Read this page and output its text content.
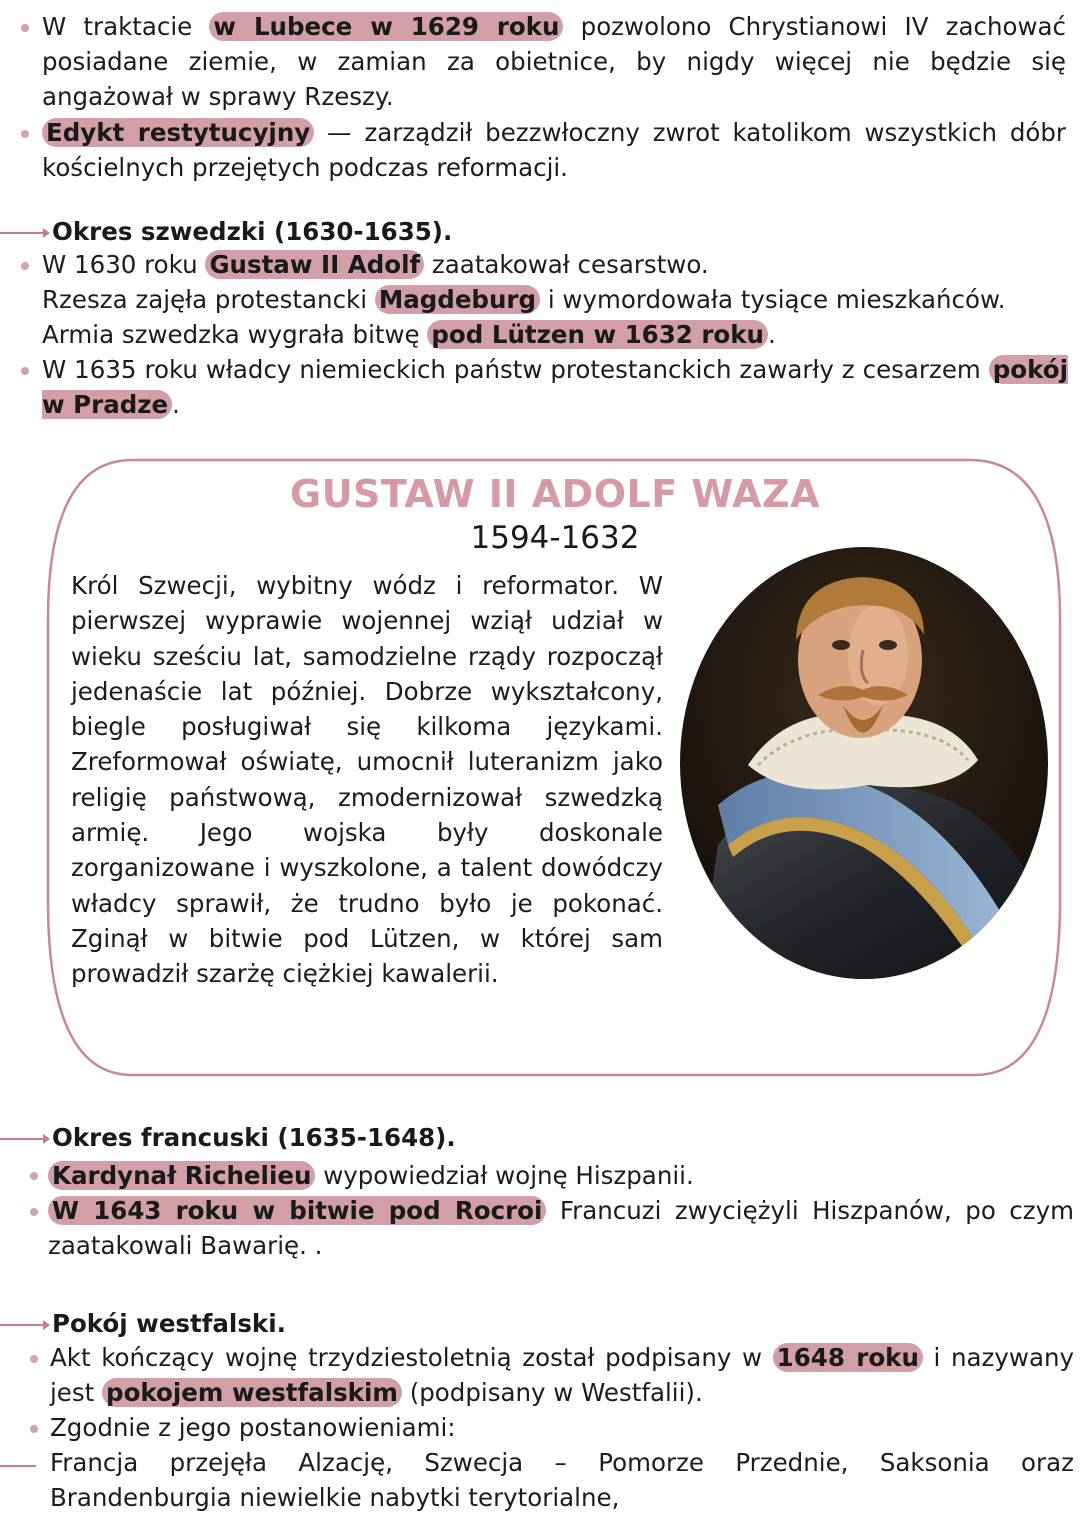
W traktacie w Lubece w 1629 roku pozwolono Chrystianowi IV zachować posiadane ziemie, w zamian za obietnice, by nigdy więcej nie będzie się angażował w sprawy Rzeszy.
Edykt restytucyjny — zarządził bezzwłoczny zwrot katolikom wszystkich dóbr kościelnych przejętych podczas reformacji.
Okres szwedzki (1630-1635).
W 1630 roku Gustaw II Adolf zaatakował cesarstwo.
Rzesza zajęła protestancki Magdeburg i wymordowała tysiące mieszkańców.
Armia szwedzka wygrała bitwę pod Lützen w 1632 roku .
W 1635 roku władcy niemieckich państw protestanckich zawarły z cesarzem pokój w Pradze .
GUSTAW II ADOLF WAZA
1594-1632
Król Szwecji, wybitny wódz i reformator. W pierwszej wyprawie wojennej wziął udział w wieku sześciu lat, samodzielne rządy rozpoczął jedenaście lat później. Dobrze wykształcony, biegle posługiwał się kilkoma językami. Zreformował oświatę, umocnił luteranizm jako religię państwową, zmodernizował szwedzką armię. Jego wojska były doskonale zorganizowane i wyszkolone, a talent dowódczy władcy sprawił, że trudno było je pokonać. Zginął w bitwie pod Lützen, w której sam prowadził szarżę ciężkiej kawalerii.
Okres francuski (1635-1648).
Kardynał Richelieu wypowiedział wojnę Hiszpanii.
W 1643 roku w bitwie pod Rocroi Francuzi zwyciężyli Hiszpanów, po czym zaatakowali Bawarię. .
Pokój westfalski.
Akt kończący wojnę trzydziestoletnią został podpisany w 1648 roku i nazywany jest pokojem westfalskim (podpisany w Westfalii).
Zgodnie z jego postanowieniami:
Francja przejęła Alzację, Szwecja – Pomorze Przednie, Saksonia oraz Brandenburgia niewielkie nabytki terytorialne,
